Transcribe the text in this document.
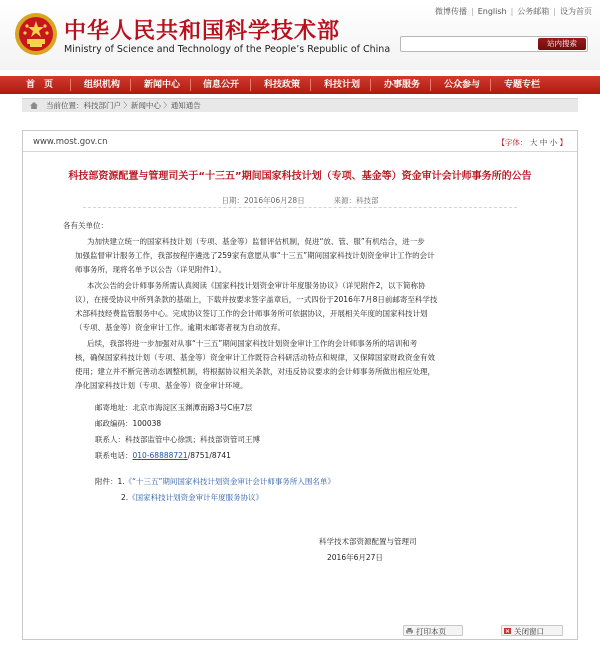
中华人民共和国科学技术部
Ministry of Science and Technology of the People’s Republic of China
微博传播 | English | 公务邮箱 | 设为首页
站内搜索
首　页	组织机构	新闻中心	信息公开	科技政策	科技计划	办事服务	公众参与	专题专栏
当前位置：科技部门户 〉新闻中心 〉通知通告
www.most.gov.cn	【字体： 大 中 小 】
科技部资源配置与管理司关于“十三五”期间国家科技计划（专项、基金等）资金审计会计师事务所的公告
日期：2016年06月28日	来源：科技部
各有关单位：
为加快建立统一的国家科技计划（专项、基金等）监督评估机制，促进“放、管、服”有机结合，进一步
加强监督审计服务工作，我部按程序遴选了259家有意愿从事“十三五”期间国家科技计划资金审计工作的会计
师事务所，现将名单予以公告（详见附件1）。
本次公告的会计师事务所需认真阅读《国家科技计划资金审计年度服务协议》（详见附件2，以下简称协
议），在接受协议中所列条款的基础上，下载并按要求签字盖章后，一式四份于2016年7月8日前邮寄至科学技
术部科技经费监管服务中心。完成协议签订工作的会计师事务所可依据协议，开展相关年度的国家科技计划
（专项、基金等）资金审计工作。逾期未邮寄者视为自动放弃。
后续，我部将进一步加强对从事“十三五”期间国家科技计划资金审计工作的会计师事务所的培训和考
核，确保国家科技计划（专项、基金等）资金审计工作既符合科研活动特点和规律，又保障国家财政资金有效
使用；建立并不断完善动态调整机制，将根据协议相关条款，对违反协议要求的会计师事务所做出相应处理，
净化国家科技计划（专项、基金等）资金审计环境。
邮寄地址：北京市海淀区玉渊潭南路3号C座7层
邮政编码：100038
联系人：科技部监管中心徐凯；科技部资管司王博
联系电话：010-68888721/8751/8741
附件：1.《“十三五”期间国家科技计划资金审计会计师事务所入围名单》
2.《国家科技计划资金审计年度服务协议》
科学技术部资源配置与管理司
2016年6月27日
打印本页	关闭窗口
